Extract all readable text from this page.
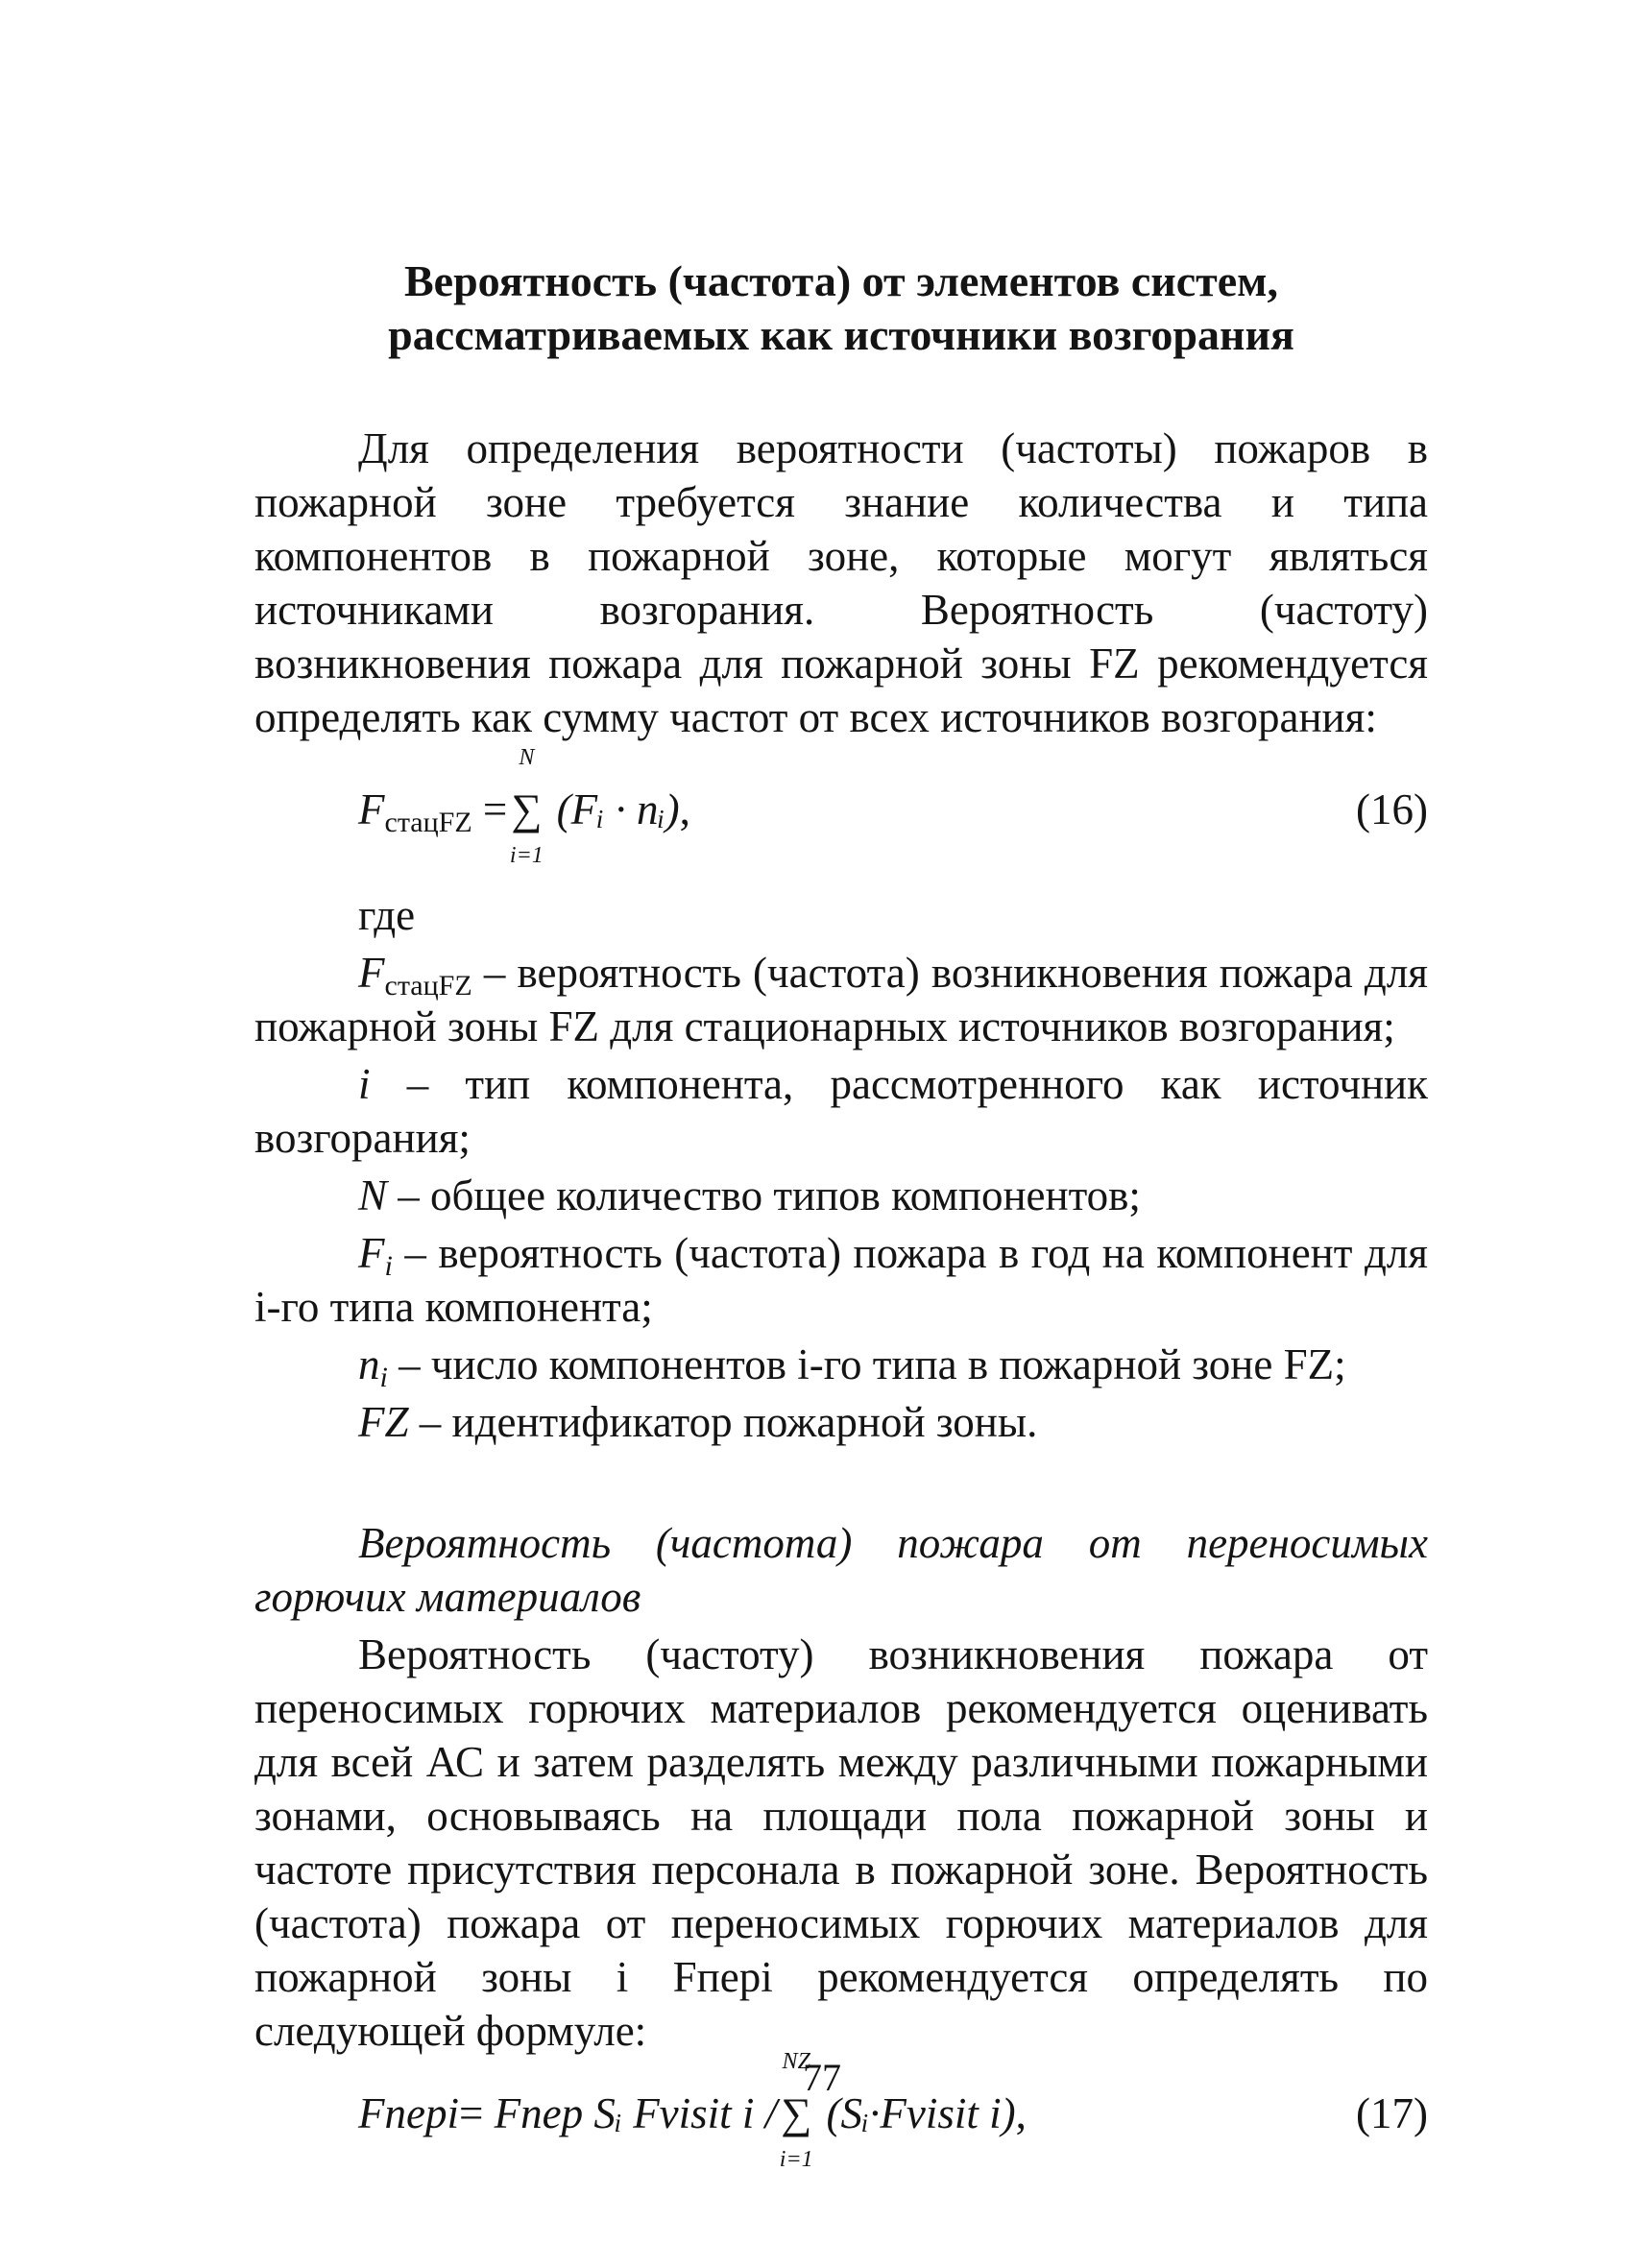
Вероятность (частота) от элементов систем,
рассматриваемых как источники возгорания

Для определения вероятности (частоты) пожаров в пожарной зоне требуется знание количества и типа компонентов в пожарной зоне, которые могут являться источниками возгорания. Вероятность (частоту) возникновения пожара для пожарной зоны FZ рекомендуется определять как сумму частот от всех источников возгорания:

$F_{стацFZ}$ =
N
∑
i=1
(Fᵢ · nᵢ),	(16)

где

$F_{стацFZ}$ – вероятность (частота) возникновения пожара для пожарной зоны FZ для стационарных источников возгорания;

i – тип компонента, рассмотренного как источник возгорания;

N – общее количество типов компонентов;

$F_i$ – вероятность (частота) пожара в год на компонент для i-го типа компонента;

$n_i$ – число компонентов i-го типа в пожарной зоне FZ;

FZ – идентификатор пожарной зоны.

Вероятность (частота) пожара от переносимых горючих материалов

Вероятность (частоту) возникновения пожара от переносимых горючих материалов рекомендуется оценивать для всей АС и затем разделять между различными пожарными зонами, основываясь на площади пола пожарной зоны и частоте присутствия персонала в пожарной зоне. Вероятность (частота) пожара от переносимых горючих материалов для пожарной зоны i Fперi рекомендуется определять по следующей формуле:

Fперi= Fпер Sᵢ Fvisit i /
NZ
∑
i=1
(Sᵢ·Fvisit i),	(17)
77
